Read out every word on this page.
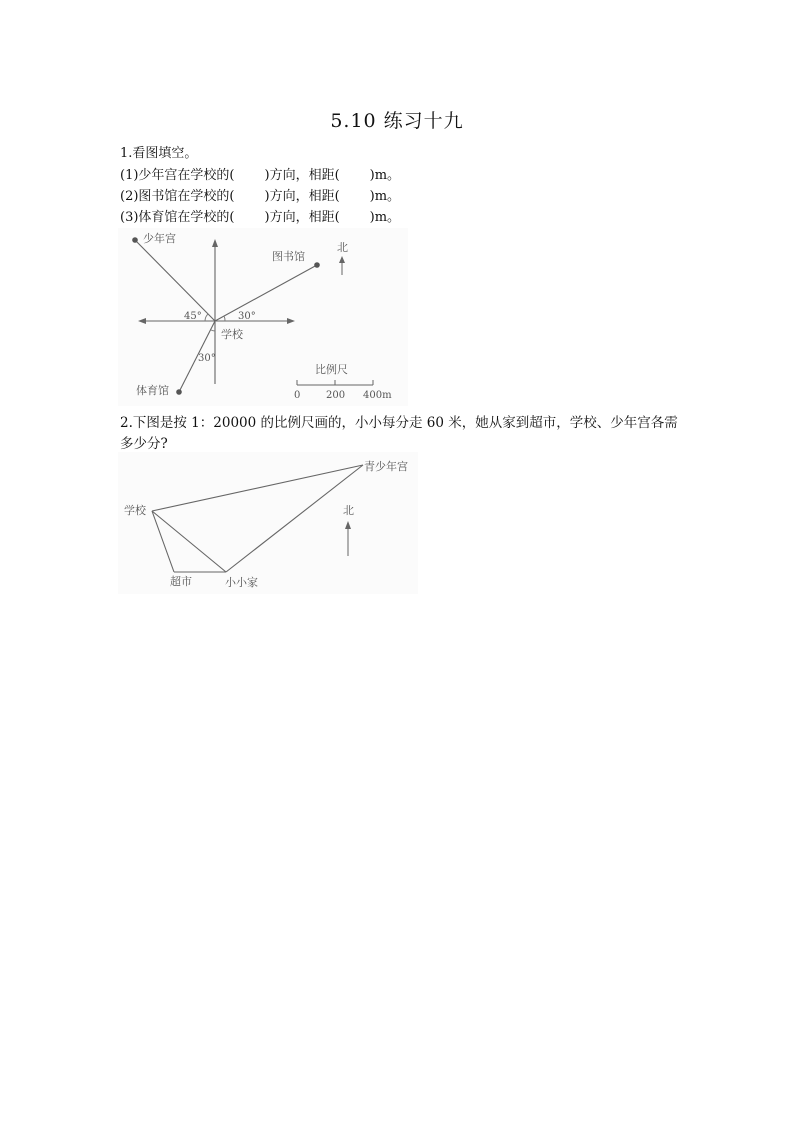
5.10 练习十九
1.看图填空。
(1)少年宫在学校的( )方向，相距( )m。
(2)图书馆在学校的( )方向，相距( )m。
(3)体育馆在学校的( )方向，相距( )m。
少年宫
图书馆
学校
体育馆
45°	30°
30°
北
比例尺
0	200 400m
2.下图是按 1：20000 的比例尺画的，小小每分走 60 米，她从家到超市，学校、少年宫各需
多少分?
青少年宫
学校
超市	小小家
北
